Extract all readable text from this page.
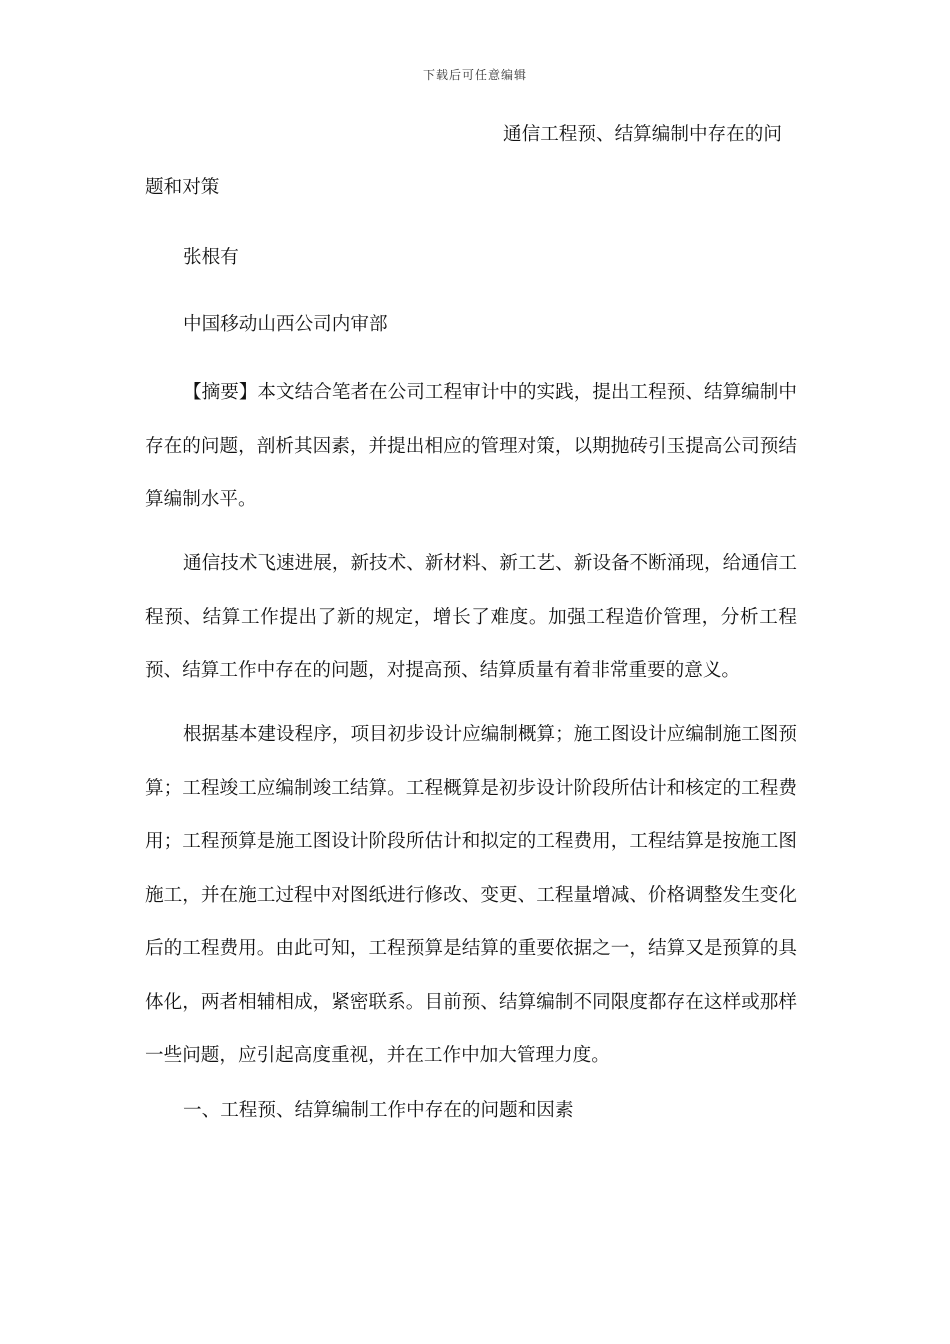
下载后可任意编辑
通信工程预、结算编制中存在的问
题和对策
张根有
中国移动山西公司内审部
【摘要】本文结合笔者在公司工程审计中的实践，提出工程预、结算编制中存在的问题，剖析其因素，并提出相应的管理对策，以期抛砖引玉提高公司预结算编制水平。
通信技术飞速进展，新技术、新材料、新工艺、新设备不断涌现，给通信工程预、结算工作提出了新的规定，增长了难度。加强工程造价管理，分析工程预、结算工作中存在的问题，对提高预、结算质量有着非常重要的意义。
根据基本建设程序，项目初步设计应编制概算；施工图设计应编制施工图预算；工程竣工应编制竣工结算。工程概算是初步设计阶段所估计和核定的工程费用；工程预算是施工图设计阶段所估计和拟定的工程费用，工程结算是按施工图施工，并在施工过程中对图纸进行修改、变更、工程量增减、价格调整发生变化后的工程费用。由此可知，工程预算是结算的重要依据之一，结算又是预算的具体化，两者相辅相成，紧密联系。目前预、结算编制不同限度都存在这样或那样一些问题，应引起高度重视，并在工作中加大管理力度。
一、工程预、结算编制工作中存在的问题和因素
